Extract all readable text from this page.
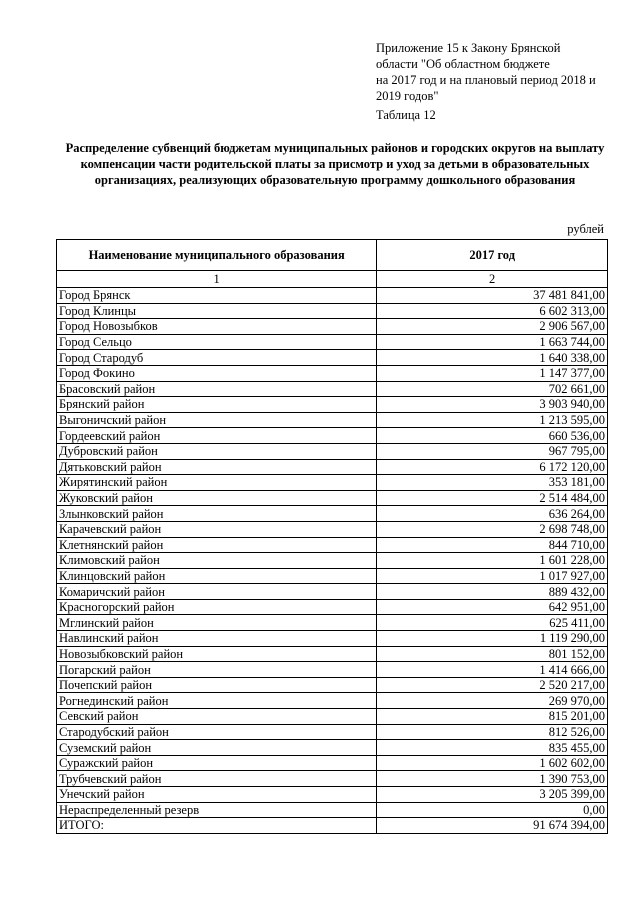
Приложение 15 к Закону Брянской
области "Об областном бюджете
на 2017 год и на плановый период 2018 и
2019 годов"
Таблица 12
Распределение субвенций бюджетам муниципальных районов и городских округов на выплату компенсации части родительской платы за присмотр и уход за детьми в образовательных организациях, реализующих образовательную программу дошкольного образования
рублей
Наименование муниципального образования	2017 год
1	2
Город Брянск	37 481 841,00
Город Клинцы	6 602 313,00
Город Новозыбков	2 906 567,00
Город Сельцо	1 663 744,00
Город Стародуб	1 640 338,00
Город Фокино	1 147 377,00
Брасовский район	702 661,00
Брянский район	3 903 940,00
Выгоничский район	1 213 595,00
Гордеевский район	660 536,00
Дубровский район	967 795,00
Дятьковский район	6 172 120,00
Жирятинский район	353 181,00
Жуковский район	2 514 484,00
Злынковский район	636 264,00
Карачевский район	2 698 748,00
Клетнянский район	844 710,00
Климовский район	1 601 228,00
Клинцовский район	1 017 927,00
Комаричский район	889 432,00
Красногорский район	642 951,00
Мглинский район	625 411,00
Навлинский район	1 119 290,00
Новозыбковский район	801 152,00
Погарский район	1 414 666,00
Почепский район	2 520 217,00
Рогнединский район	269 970,00
Севский район	815 201,00
Стародубский район	812 526,00
Суземский район	835 455,00
Суражский район	1 602 602,00
Трубчевский район	1 390 753,00
Унечский район	3 205 399,00
Нераспределенный резерв	0,00
ИТОГО:	91 674 394,00
